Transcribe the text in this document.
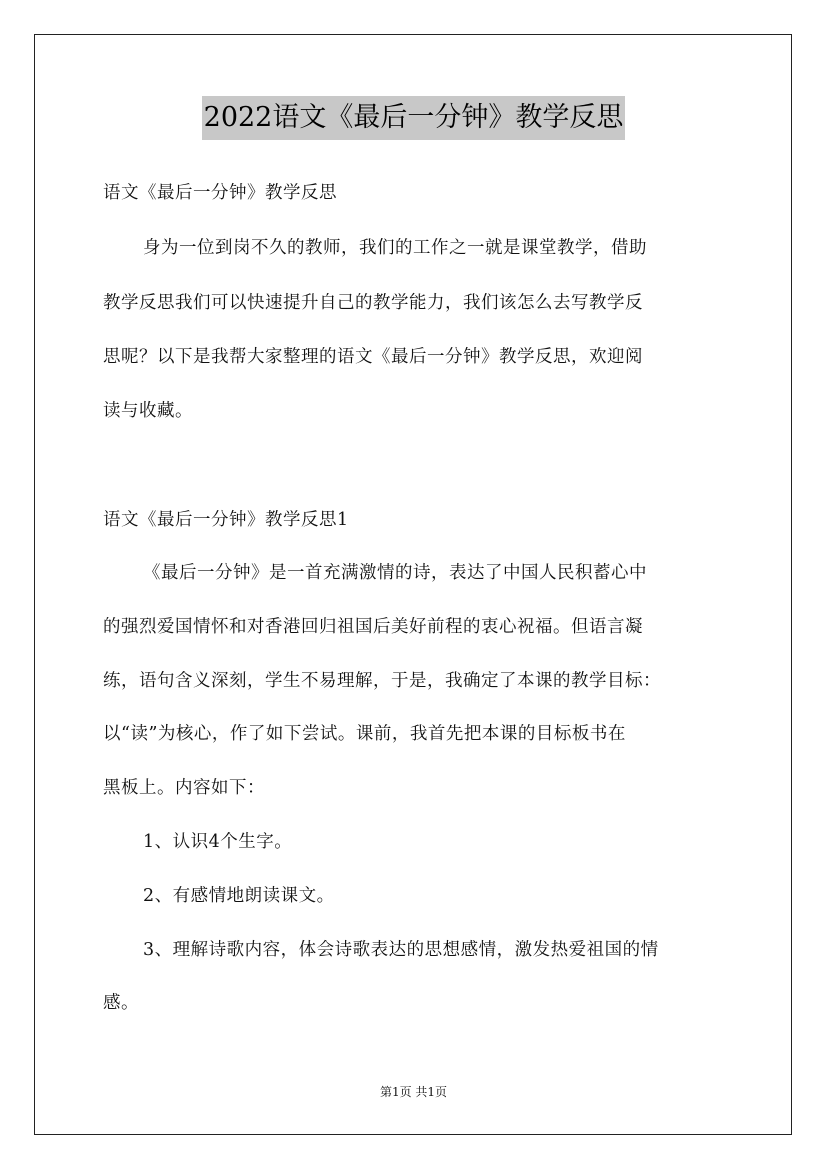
2022语文《最后一分钟》教学反思
语文《最后一分钟》教学反思
身为一位到岗不久的教师，我们的工作之一就是课堂教学，借助
教学反思我们可以快速提升自己的教学能力，我们该怎么去写教学反
思呢？以下是我帮大家整理的语文《最后一分钟》教学反思，欢迎阅
读与收藏。
语文《最后一分钟》教学反思1
《最后一分钟》是一首充满激情的诗，表达了中国人民积蓄心中
的强烈爱国情怀和对香港回归祖国后美好前程的衷心祝福。但语言凝
练，语句含义深刻，学生不易理解，于是，我确定了本课的教学目标：
以“读”为核心，作了如下尝试。课前，我首先把本课的目标板书在
黑板上。内容如下：
1、认识4个生字。
2、有感情地朗读课文。
3、理解诗歌内容，体会诗歌表达的思想感情，激发热爱祖国的情
感。
第1页 共1页
